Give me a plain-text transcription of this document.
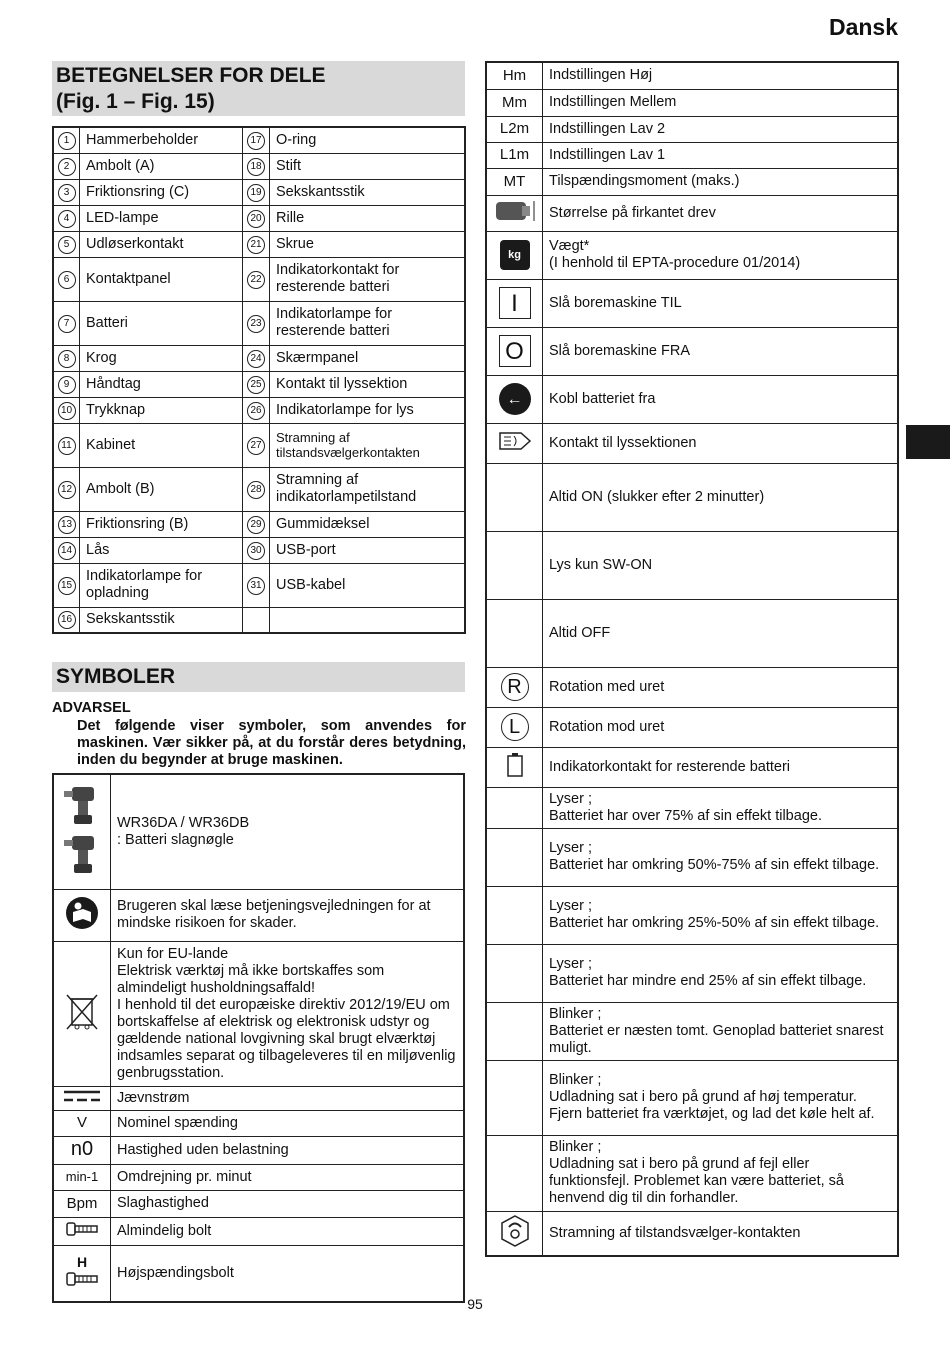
Dansk
BETEGNELSER FOR DELE
(Fig. 1 – Fig. 15)
1	Hammerbeholder	17	O-ring
2	Ambolt (A)	18	Stift
3	Friktionsring (C)	19	Sekskantsstik
4	LED-lampe	20	Rille
5	Udløserkontakt	21	Skrue
6	Kontaktpanel	22	Indikatorkontakt for resterende batteri
7	Batteri	23	Indikatorlampe for resterende batteri
8	Krog	24	Skærmpanel
9	Håndtag	25	Kontakt til lyssektion
10	Trykknap	26	Indikatorlampe for lys
11	Kabinet	27	Stramning af tilstandsvælgerkontakten
12	Ambolt (B)	28	Stramning af indikatorlampetilstand
13	Friktionsring (B)	29	Gummidæksel
14	Lås	30	USB-port
15	Indikatorlampe for opladning	31	USB-kabel
16	Sekskantsstik		
SYMBOLER
ADVARSEL
Det følgende viser symboler, som anvendes for maskinen. Vær sikker på, at du forstår deres betydning, inden du begynder at bruge maskinen.

	WR36DA / WR36DB
: Batteri slagnøgle
	Brugeren skal læse betjeningsvejledningen for at mindske risikoen for skader.
	Kun for EU-lande
Elektrisk værktøj må ikke bortskaffes som almindeligt husholdningsaffald!
I henhold til det europæiske direktiv 2012/19/EU om bortskaffelse af elektrisk og elektronisk udstyr og gældende national lovgivning skal brugt elværktøj indsamles separat og tilbageleveres til en miljøvenlig genbrugsstation.
	Jævnstrøm
V	Nominel spænding
n0	Hastighed uden belastning
min-1	Omdrejning pr. minut
Bpm	Slaghastighed
	Almindelig bolt

H	Højspændingsbolt
Hm	Indstillingen Høj
Mm	Indstillingen Mellem
L2m	Indstillingen Lav 2
L1m	Indstillingen Lav 1
MT	Tilspændingsmoment (maks.)
	Størrelse på firkantet drev
kg	Vægt*
(I henhold til EPTA-procedure 01/2014)
I	Slå boremaskine TIL
O	Slå boremaskine FRA
←	Kobl batteriet fra
	Kontakt til lyssektionen
	Altid ON (slukker efter 2 minutter)
	Lys kun SW-ON
	Altid OFF
R	Rotation med uret
L	Rotation mod uret
	Indikatorkontakt for resterende batteri
	Lyser ;
Batteriet har over 75% af sin effekt tilbage.
	Lyser ;
Batteriet har omkring 50%-75% af sin effekt tilbage.
	Lyser ;
Batteriet har omkring 25%-50% af sin effekt tilbage.
	Lyser ;
Batteriet har mindre end 25% af sin effekt tilbage.
	Blinker ;
Batteriet er næsten tomt. Genoplad batteriet snarest muligt.
	Blinker ;
Udladning sat i bero på grund af høj temperatur. Fjern batteriet fra værktøjet, og lad det køle helt af.
	Blinker ;
Udladning sat i bero på grund af fejl eller funktionsfejl. Problemet kan være batteriet, så henvend dig til din forhandler.
	Stramning af tilstandsvælger-kontakten
95
